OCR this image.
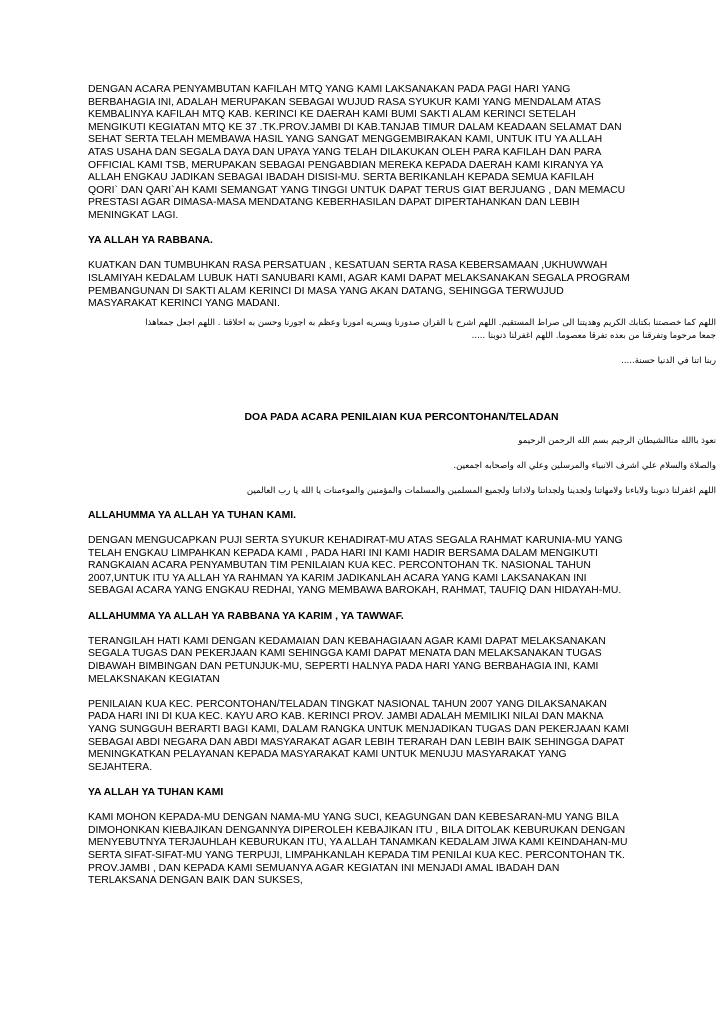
DENGAN ACARA PENYAMBUTAN KAFILAH MTQ YANG KAMI LAKSANAKAN PADA PAGI HARI YANG

BERBAHAGIA INI, ADALAH MERUPAKAN SEBAGAI WUJUD RASA SYUKUR KAMI YANG MENDALAM ATAS

KEMBALINYA KAFILAH MTQ KAB. KERINCI KE DAERAH KAMI BUMI SAKTI ALAM KERINCI SETELAH

MENGIKUTI KEGIATAN MTQ KE 37 .TK.PROV.JAMBI DI KAB.TANJAB TIMUR DALAM KEADAAN SELAMAT DAN

SEHAT SERTA TELAH MEMBAWA HASIL YANG SANGAT MENGGEMBIRAKAN KAMI, UNTUK ITU YA ALLAH

ATAS USAHA DAN SEGALA DAYA DAN UPAYA YANG TELAH DILAKUKAN OLEH PARA KAFILAH DAN PARA

OFFICIAL KAMI TSB, MERUPAKAN SEBAGAI PENGABDIAN MEREKA KEPADA DAERAH KAMI KIRANYA YA

ALLAH ENGKAU JADIKAN SEBAGAI IBADAH DISISI-MU. SERTA BERIKANLAH KEPADA SEMUA KAFILAH

QORI` DAN QARI`AH KAMI SEMANGAT YANG TINGGI UNTUK DAPAT TERUS GIAT BERJUANG , DAN MEMACU

PRESTASI AGAR DIMASA-MASA MENDATANG KEBERHASILAN DAPAT DIPERTAHANKAN DAN LEBIH

MENINGKAT LAGI.

YA ALLAH YA RABBANA.

KUATKAN DAN TUMBUHKAN RASA PERSATUAN , KESATUAN SERTA RASA KEBERSAMAAN ,UKHUWWAH

ISLAMIYAH KEDALAM LUBUK HATI SANUBARI KAMI, AGAR KAMI DAPAT MELAKSANAKAN SEGALA PROGRAM

PEMBANGUNAN DI SAKTI ALAM KERINCI DI MASA YANG AKAN DATANG, SEHINGGA TERWUJUD

MASYARAKAT KERINCI YANG MADANI.

اللهم كما خصصتنا بكتابك الكريم وهديتنا الى صراط المستقيم. اللهم اشرح با القران صدورنا ويسريه امورنا وعظم به اجورنا وحسن به اخلاقنا . اللهم اجعل جمعاهذا

جمعا مرحوما وتفرقنا من بعده تفرقا معصوما. اللهم اغفرلنا ذنوبنا .....

ربنا اتنا في الدنيا حسنة.....

DOA PADA ACARA PENILAIAN KUA PERCONTOHAN/TELADAN

نعوذ باالله مناالشيطان الرجيم بسم الله الرحمن الرحيمو

والصلاة والسلام علي اشرف الانبياء والمرسلين وعلي اله واصحابه اجمعين.

اللهم اغفرلنا ذنوبنا ولاباءنا ولامهاتنا ولجدينا ولجداتنا ولاداتنا ولجميع المسلمين والمسلمات والمؤمنين والموءمنات يا الله يا رب العالمين

ALLAHUMMA YA ALLAH YA TUHAN KAMI.

DENGAN MENGUCAPKAN PUJI SERTA SYUKUR KEHADIRAT-MU ATAS SEGALA RAHMAT KARUNIA-MU YANG

TELAH ENGKAU LIMPAHKAN KEPADA KAMI , PADA HARI INI KAMI HADIR BERSAMA DALAM MENGIKUTI

RANGKAIAN ACARA PENYAMBUTAN TIM PENILAIAN KUA KEC. PERCONTOHAN TK. NASIONAL TAHUN

2007,UNTUK ITU YA ALLAH YA RAHMAN YA KARIM JADIKANLAH ACARA YANG KAMI LAKSANAKAN INI

SEBAGAI ACARA YANG ENGKAU REDHAI, YANG MEMBAWA BAROKAH, RAHMAT, TAUFIQ DAN HIDAYAH-MU.

ALLAHUMMA YA ALLAH YA RABBANA YA KARIM , YA TAWWAF.

TERANGILAH HATI KAMI DENGAN KEDAMAIAN DAN KEBAHAGIAAN AGAR KAMI DAPAT MELAKSANAKAN

SEGALA TUGAS DAN PEKERJAAN KAMI SEHINGGA KAMI DAPAT MENATA DAN MELAKSANAKAN TUGAS

DIBAWAH BIMBINGAN DAN PETUNJUK-MU, SEPERTI HALNYA PADA HARI YANG BERBAHAGIA INI, KAMI

MELAKSNAKAN KEGIATAN

PENILAIAN KUA KEC. PERCONTOHAN/TELADAN TINGKAT NASIONAL TAHUN 2007 YANG DILAKSANAKAN

PADA HARI INI DI KUA KEC. KAYU ARO KAB. KERINCI PROV. JAMBI ADALAH MEMILIKI NILAI DAN MAKNA

YANG SUNGGUH BERARTI BAGI KAMI, DALAM RANGKA UNTUK MENJADIKAN TUGAS DAN PEKERJAAN KAMI

SEBAGAI ABDI NEGARA DAN ABDI MASYARAKAT AGAR LEBIH TERARAH DAN LEBIH BAIK SEHINGGA DAPAT

MENINGKATKAN PELAYANAN KEPADA MASYARAKAT KAMI UNTUK MENUJU MASYARAKAT YANG

SEJAHTERA.

YA ALLAH YA TUHAN KAMI

KAMI MOHON KEPADA-MU DENGAN NAMA-MU YANG SUCI, KEAGUNGAN DAN KEBESARAN-MU YANG BILA

DIMOHONKAN KIEBAJIKAN DENGANNYA DIPEROLEH KEBAJIKAN ITU , BILA DITOLAK KEBURUKAN DENGAN

MENYEBUTNYA TERJAUHLAH KEBURUKAN ITU, YA ALLAH TANAMKAN KEDALAM JIWA KAMI KEINDAHAN-MU

SERTA SIFAT-SIFAT-MU YANG TERPUJI, LIMPAHKANLAH KEPADA TIM PENILAI KUA KEC. PERCONTOHAN TK.

PROV.JAMBI , DAN KEPADA KAMI SEMUANYA AGAR KEGIATAN INI MENJADI AMAL IBADAH DAN

TERLAKSANA DENGAN BAIK DAN SUKSES,
